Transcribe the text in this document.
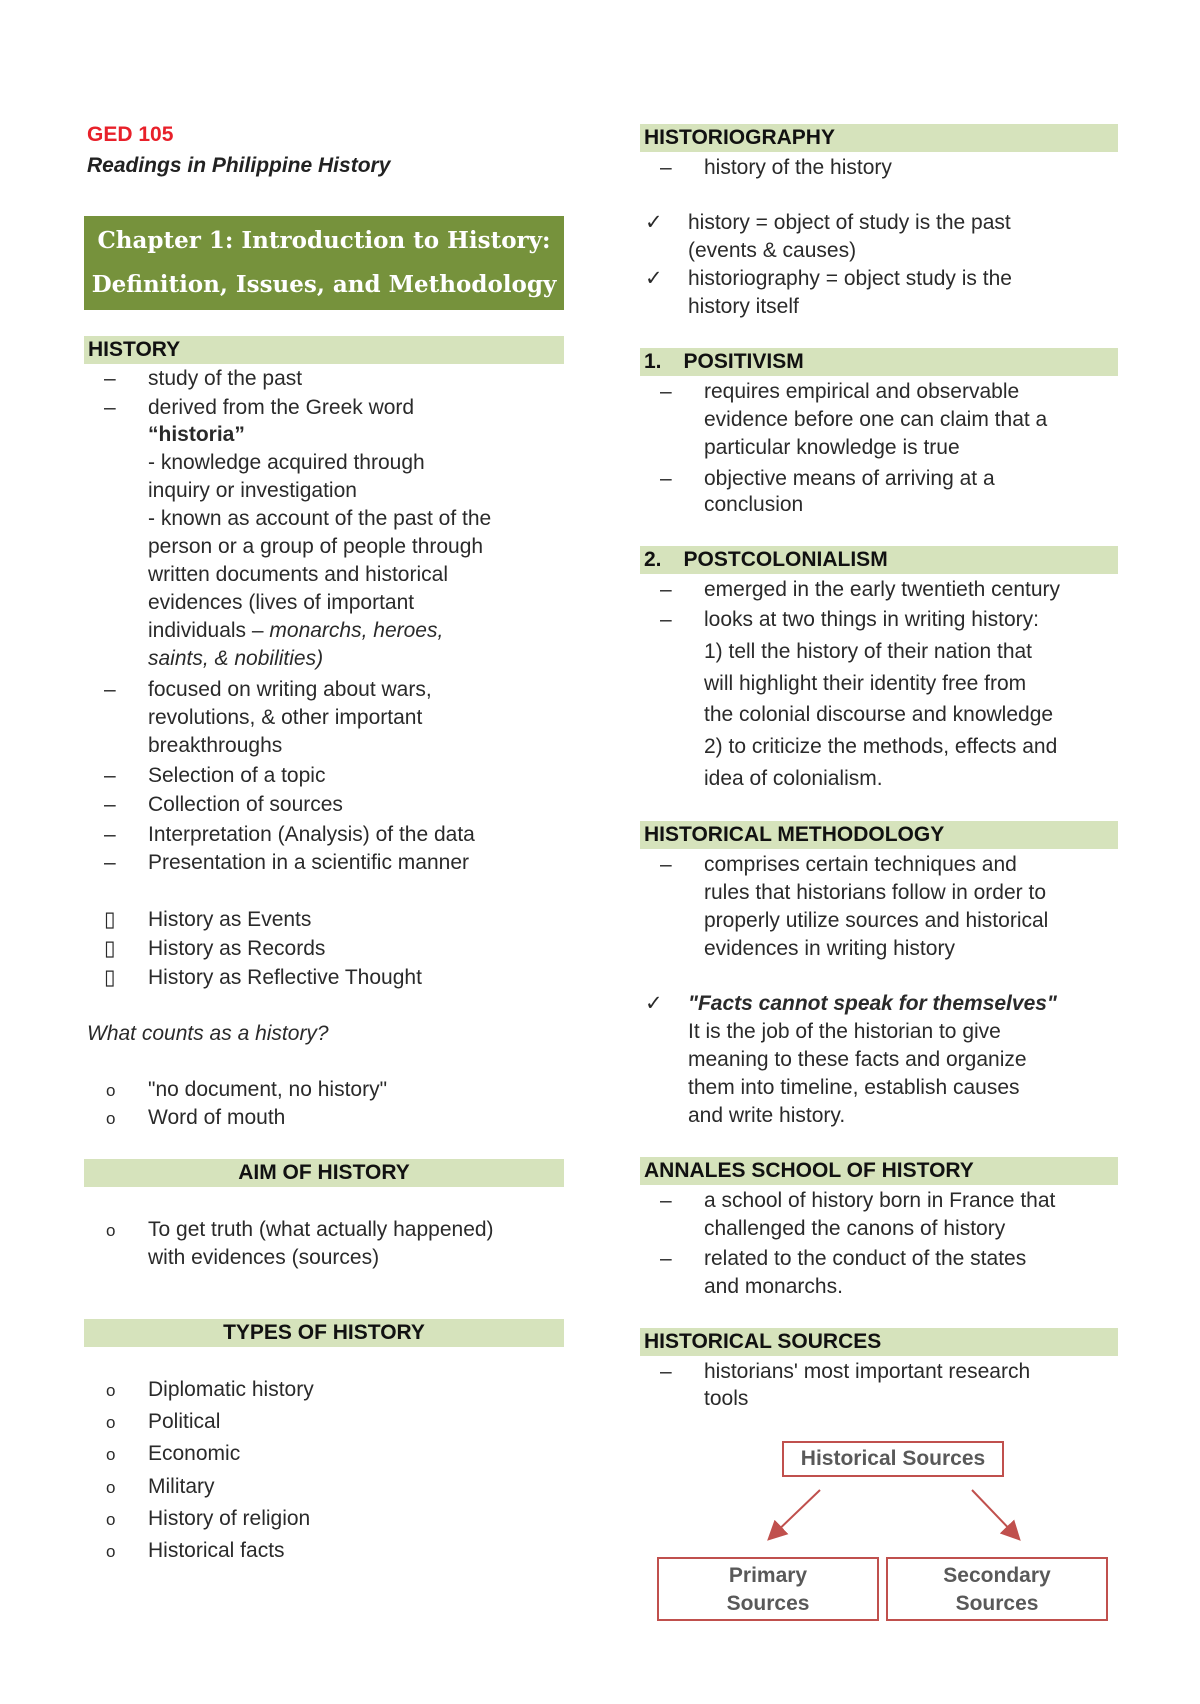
GED 105
Readings in Philippine History
Chapter 1: Introduction to History:
Definition, Issues, and Methodology
HISTORY
– study of the past
– derived from the Greek word
“historia”
- knowledge acquired through
inquiry or investigation
- known as account of the past of the
person or a group of people through
written documents and historical
evidences (lives of important
individuals – monarchs, heroes,
saints, & nobilities)
– focused on writing about wars,
revolutions, & other important
breakthroughs
– Selection of a topic
– Collection of sources
– Interpretation (Analysis) of the data
– Presentation in a scientific manner
▯ History as Events
▯ History as Records
▯ History as Reflective Thought
What counts as a history?
o "no document, no history"
o Word of mouth
AIM OF HISTORY
o To get truth (what actually happened)
with evidences (sources)
TYPES OF HISTORY
o Diplomatic history
o Political
o Economic
o Military
o History of religion
o Historical facts
HISTORIOGRAPHY
– history of the history
✓ history = object of study is the past
(events & causes)
✓ historiography = object study is the
history itself
1. POSITIVISM
– requires empirical and observable
evidence before one can claim that a
particular knowledge is true
– objective means of arriving at a
conclusion
2. POSTCOLONIALISM
– emerged in the early twentieth century
– looks at two things in writing history:
1) tell the history of their nation that
will highlight their identity free from
the colonial discourse and knowledge
2) to criticize the methods, effects and
idea of colonialism.
HISTORICAL METHODOLOGY
– comprises certain techniques and
rules that historians follow in order to
properly utilize sources and historical
evidences in writing history
✓ "Facts cannot speak for themselves"
It is the job of the historian to give
meaning to these facts and organize
them into timeline, establish causes
and write history.
ANNALES SCHOOL OF HISTORY
– a school of history born in France that
challenged the canons of history
– related to the conduct of the states
and monarchs.
HISTORICAL SOURCES
– historians' most important research
tools
Historical Sources
Primary
Sources
Secondary
Sources
